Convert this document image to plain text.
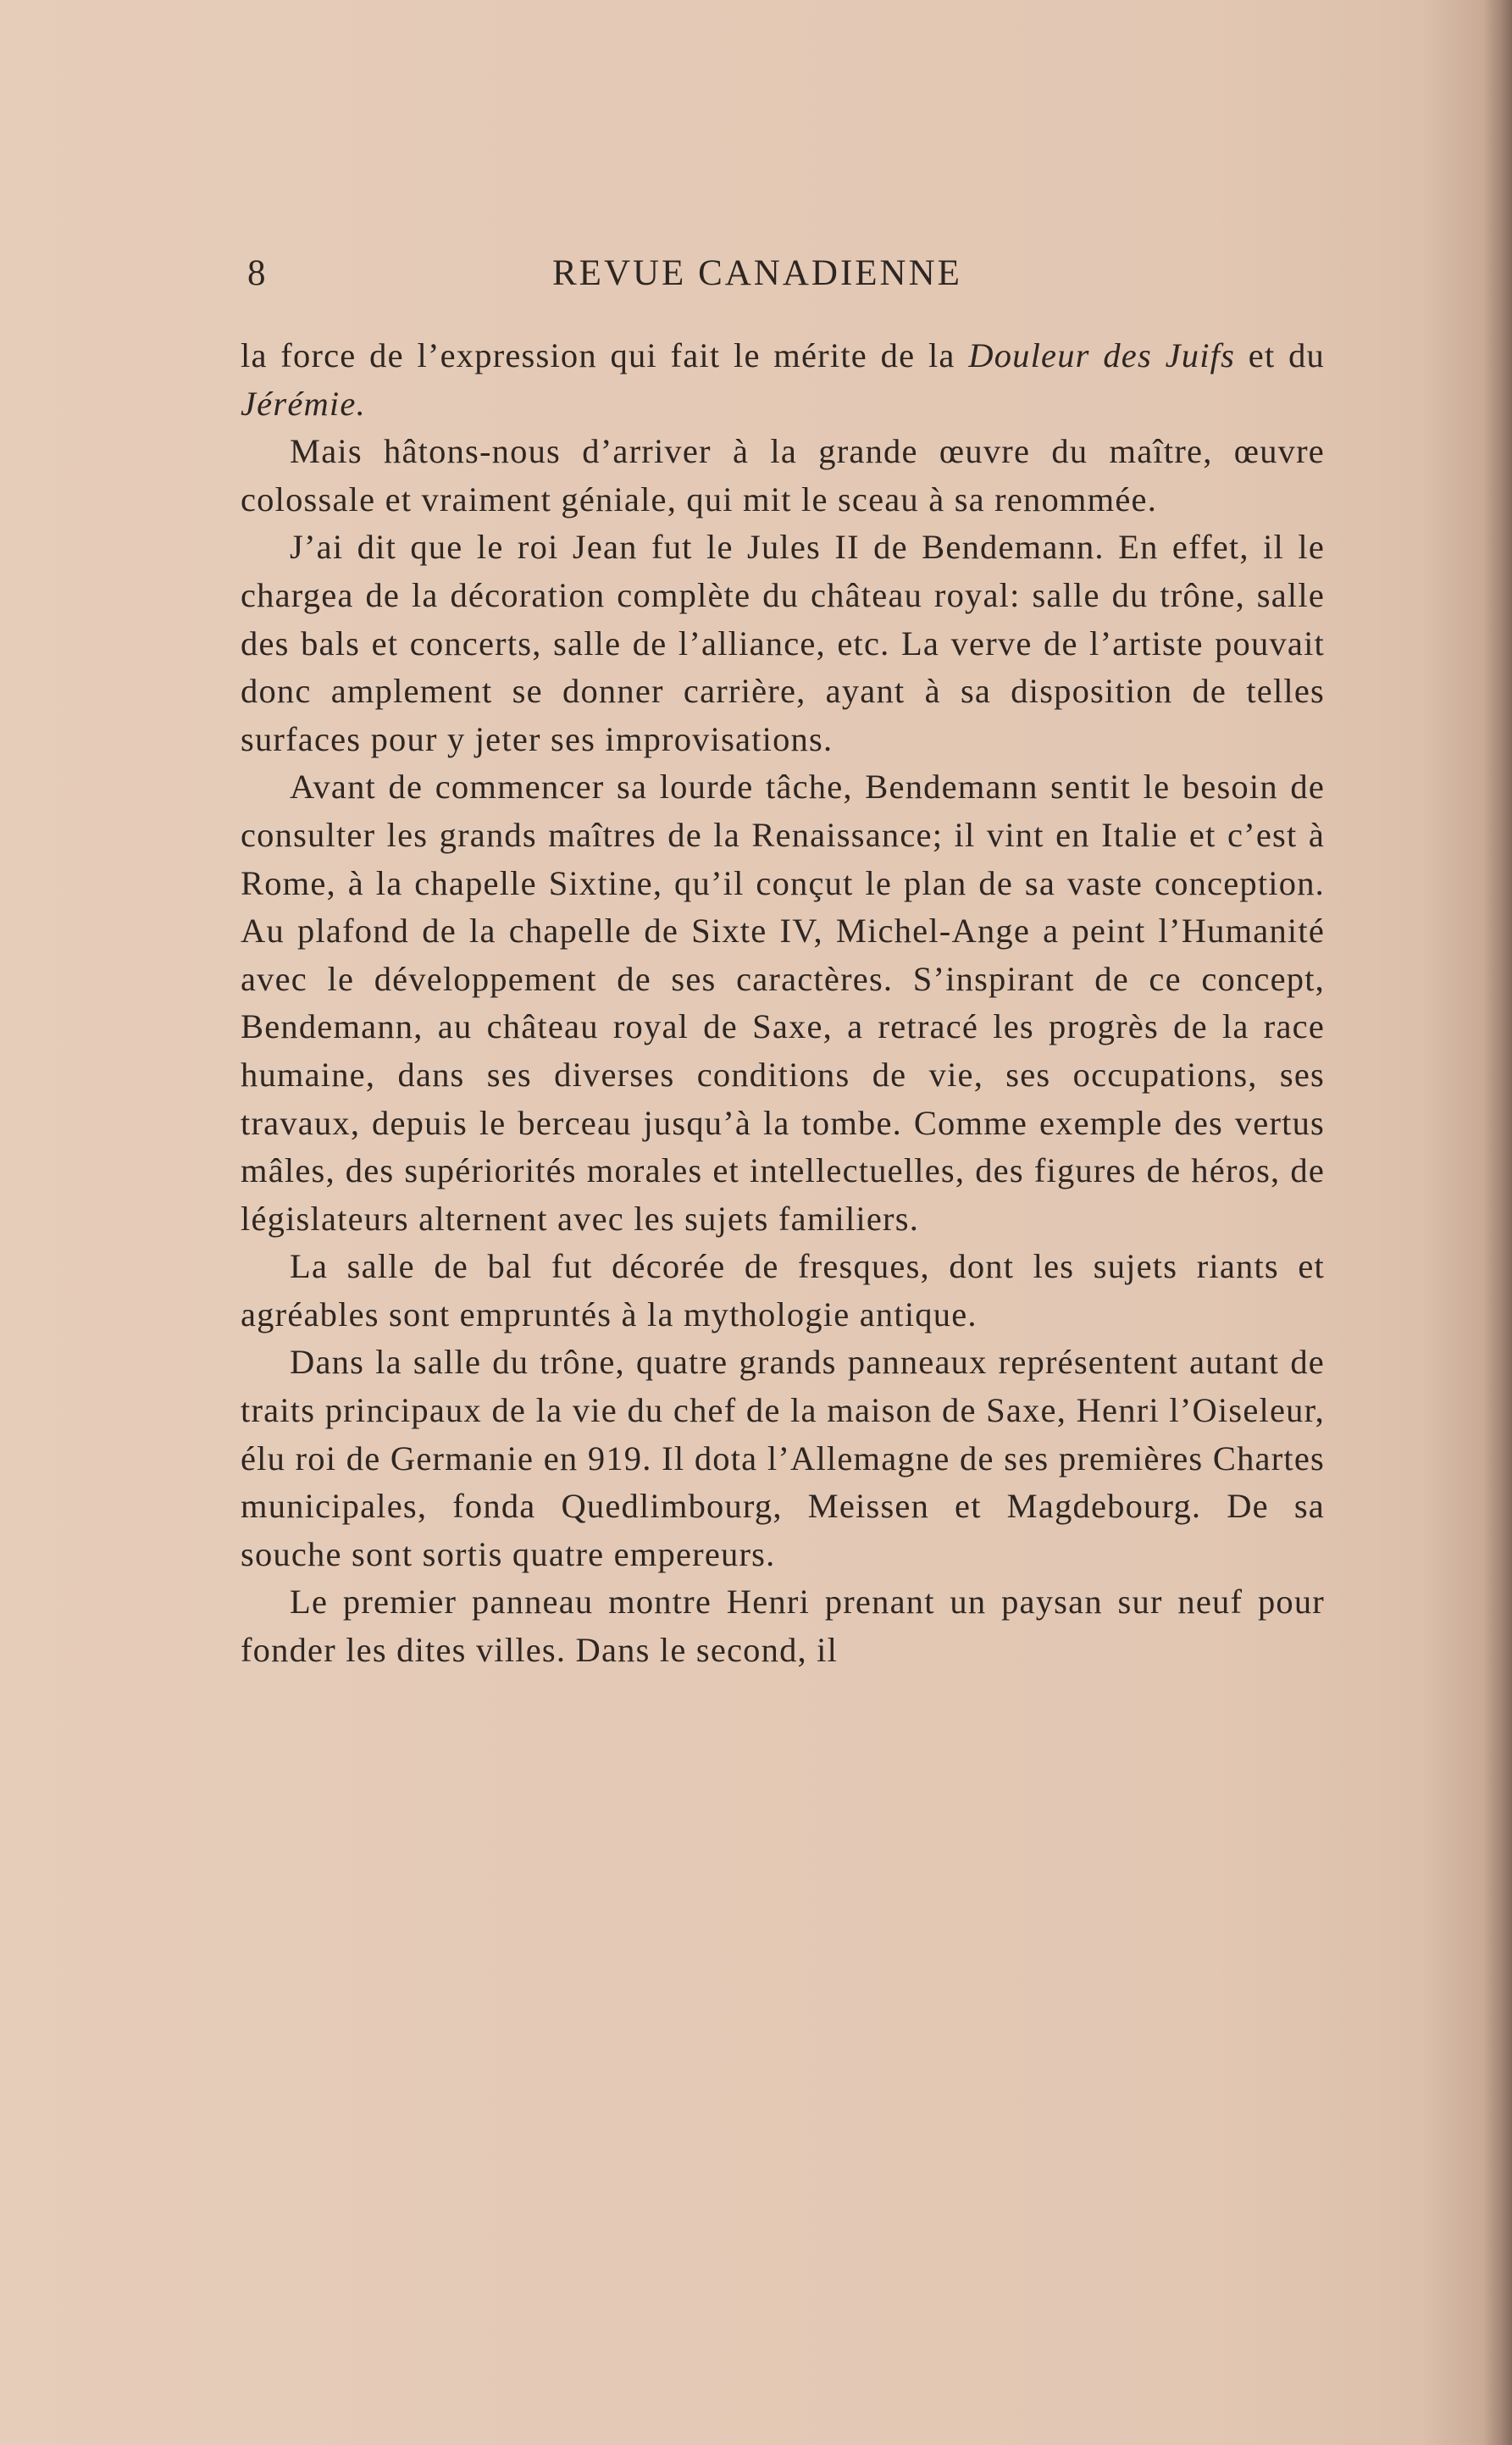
8	REVUE CANADIENNE

la force de l’expression qui fait le mérite de la Douleur des Juifs et du Jérémie.

Mais hâtons-nous d’arriver à la grande œuvre du maître, œuvre colossale et vraiment géniale, qui mit le sceau à sa renommée.

J’ai dit que le roi Jean fut le Jules II de Bendemann. En effet, il le chargea de la décoration complète du château royal: salle du trône, salle des bals et concerts, salle de l’alliance, etc. La verve de l’artiste pouvait donc amplement se donner carrière, ayant à sa disposition de telles surfaces pour y jeter ses improvisations.

Avant de commencer sa lourde tâche, Bendemann sentit le besoin de consulter les grands maîtres de la Renaissance; il vint en Italie et c’est à Rome, à la chapelle Sixtine, qu’il conçut le plan de sa vaste conception. Au plafond de la chapelle de Sixte IV, Michel-Ange a peint l’Humanité avec le développement de ses caractères. S’inspirant de ce concept, Bendemann, au château royal de Saxe, a retracé les progrès de la race humaine, dans ses diverses conditions de vie, ses occupations, ses travaux, depuis le berceau jusqu’à la tombe. Comme exemple des vertus mâles, des supériorités morales et intellectuelles, des figures de héros, de législateurs alternent avec les sujets familiers.

La salle de bal fut décorée de fresques, dont les sujets riants et agréables sont empruntés à la mythologie antique.

Dans la salle du trône, quatre grands panneaux représentent autant de traits principaux de la vie du chef de la maison de Saxe, Henri l’Oiseleur, élu roi de Germanie en 919. Il dota l’Allemagne de ses premières Chartes municipales, fonda Quedlimbourg, Meissen et Magdebourg. De sa souche sont sortis quatre empereurs.

Le premier panneau montre Henri prenant un paysan sur neuf pour fonder les dites villes. Dans le second, il
